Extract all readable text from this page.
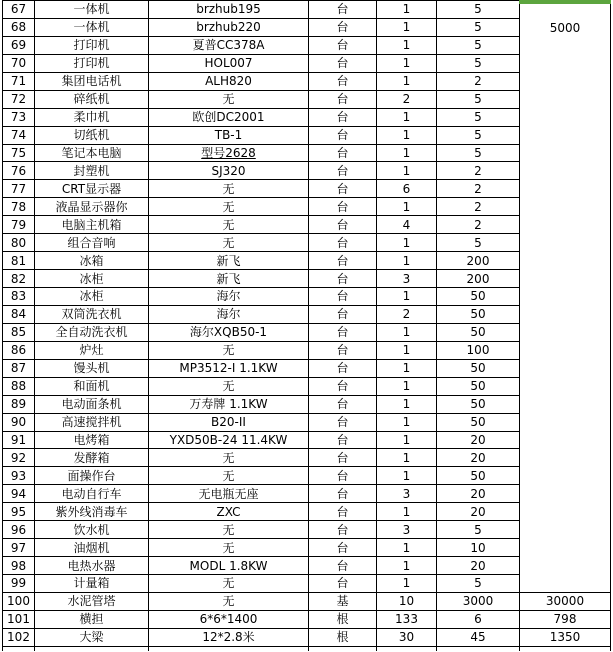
67	一体机	brzhub195	台	1	5	5000
68	一体机	brzhub220	台	1	5	
69	打印机	夏普CC378A	台	1	5	
70	打印机	HOL007	台	1	5	
71	集团电话机	ALH820	台	1	2	
72	碎纸机	无	台	2	5	
73	柔巾机	欧创DC2001	台	1	5	
74	切纸机	TB-1	台	1	5	
75	笔记本电脑	型号2628	台	1	5	
76	封塑机	SJ320	台	1	2	
77	CRT显示器	无	台	6	2	
78	液晶显示器你	无	台	1	2	
79	电脑主机箱	无	台	4	2	
80	组合音响	无	台	1	5	
81	冰箱	新飞	台	1	200	
82	冰柜	新飞	台	3	200	
83	冰柜	海尔	台	1	50	
84	双筒洗衣机	海尔	台	2	50	
85	全自动洗衣机	海尔XQB50-1	台	1	50	
86	炉灶	无	台	1	100	
87	馒头机	MP3512-I 1.1KW	台	1	50	
88	和面机	无	台	1	50	
89	电动面条机	万寿牌 1.1KW	台	1	50	
90	高速搅拌机	B20-II	台	1	50	
91	电烤箱	YXD50B-24 11.4KW	台	1	20	
92	发酵箱	无	台	1	20	
93	面操作台	无	台	1	50	
94	电动自行车	无电瓶无座	台	3	20	
95	紫外线消毒车	ZXC	台	1	20	
96	饮水机	无	台	3	5	
97	油烟机	无	台	1	10	
98	电热水器	MODL 1.8KW	台	1	20	
99	计量箱	无	台	1	5	
100	水泥管塔	无	基	10	3000	30000
101	横担	6*6*1400	根	133	6	798
102	大梁	12*2.8米	根	30	45	1350
